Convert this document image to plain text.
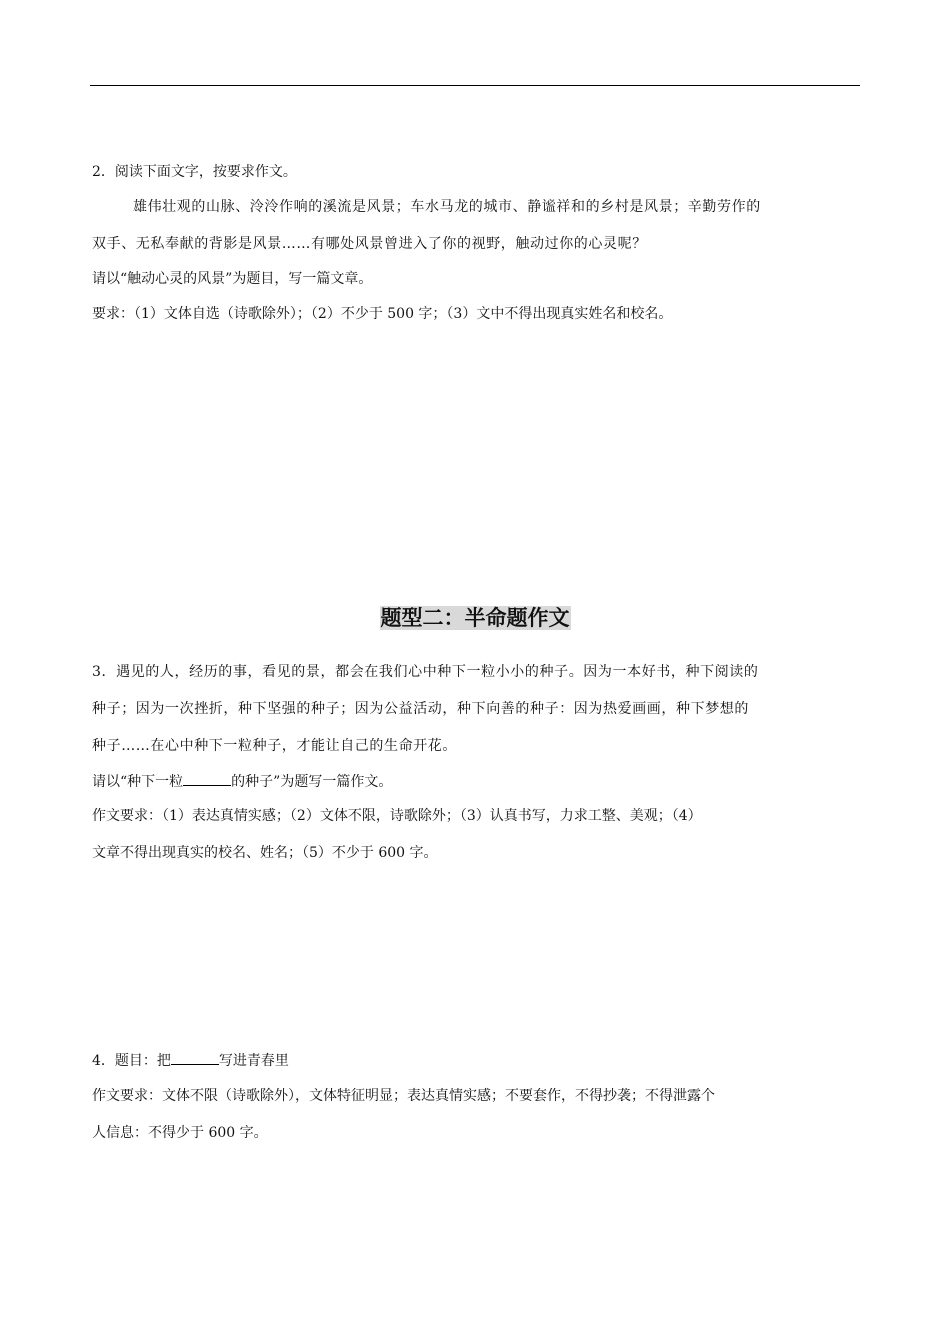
2．阅读下面文字，按要求作文。
雄伟壮观的山脉、泠泠作响的溪流是风景；车水马龙的城市、静谧祥和的乡村是风景；辛勤劳作的
双手、无私奉献的背影是风景……有哪处风景曾进入了你的视野，触动过你的心灵呢？
请以“触动心灵的风景”为题目，写一篇文章。
要求：（1）文体自选（诗歌除外）；（2）不少于 500 字；（3）文中不得出现真实姓名和校名。
题型二：半命题作文
3．遇见的人，经历的事，看见的景，都会在我们心中种下一粒小小的种子。因为一本好书，种下阅读的
种子；因为一次挫折，种下坚强的种子；因为公益活动，种下向善的种子：因为热爱画画，种下梦想的
种子……在心中种下一粒种子，才能让自己的生命开花。
请以“种下一粒	的种子”为题写一篇作文。
作文要求：（1）表达真情实感；（2）文体不限，诗歌除外；（3）认真书写，力求工整、美观；（4）
文章不得出现真实的校名、姓名；（5）不少于 600 字。
4．题目：把	写进青春里
作文要求：文体不限（诗歌除外），文体特征明显；表达真情实感；不要套作，不得抄袭；不得泄露个
人信息：不得少于 600 字。
